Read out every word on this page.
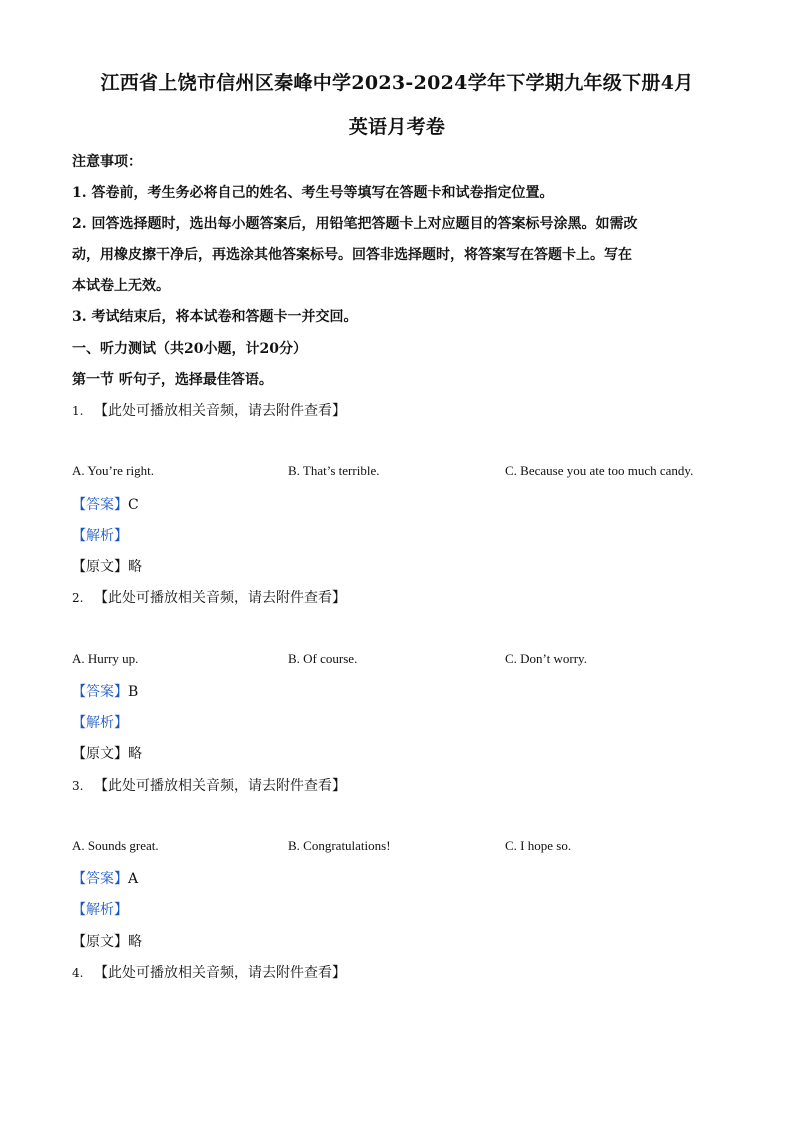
江西省上饶市信州区秦峰中学2023-2024学年下学期九年级下册4月
英语月考卷
注意事项：
1. 答卷前，考生务必将自己的姓名、考生号等填写在答题卡和试卷指定位置。
2. 回答选择题时，选出每小题答案后，用铅笔把答题卡上对应题目的答案标号涂黑。如需改
动，用橡皮擦干净后，再选涂其他答案标号。回答非选择题时，将答案写在答题卡上。写在
本试卷上无效。
3. 考试结束后，将本试卷和答题卡一并交回。
一、听力测试（共20小题，计20分）
第一节 听句子，选择最佳答语。
1. 【此处可播放相关音频，请去附件查看】
A. You’re right.	B. That’s terrible.	C. Because you ate too much candy.
【答案】C
【解析】
【原文】略
2. 【此处可播放相关音频，请去附件查看】
A. Hurry up.	B. Of course.	C. Don’t worry.
【答案】B
【解析】
【原文】略
3. 【此处可播放相关音频，请去附件查看】
A. Sounds great.	B. Congratulations!	C. I hope so.
【答案】A
【解析】
【原文】略
4. 【此处可播放相关音频，请去附件查看】
